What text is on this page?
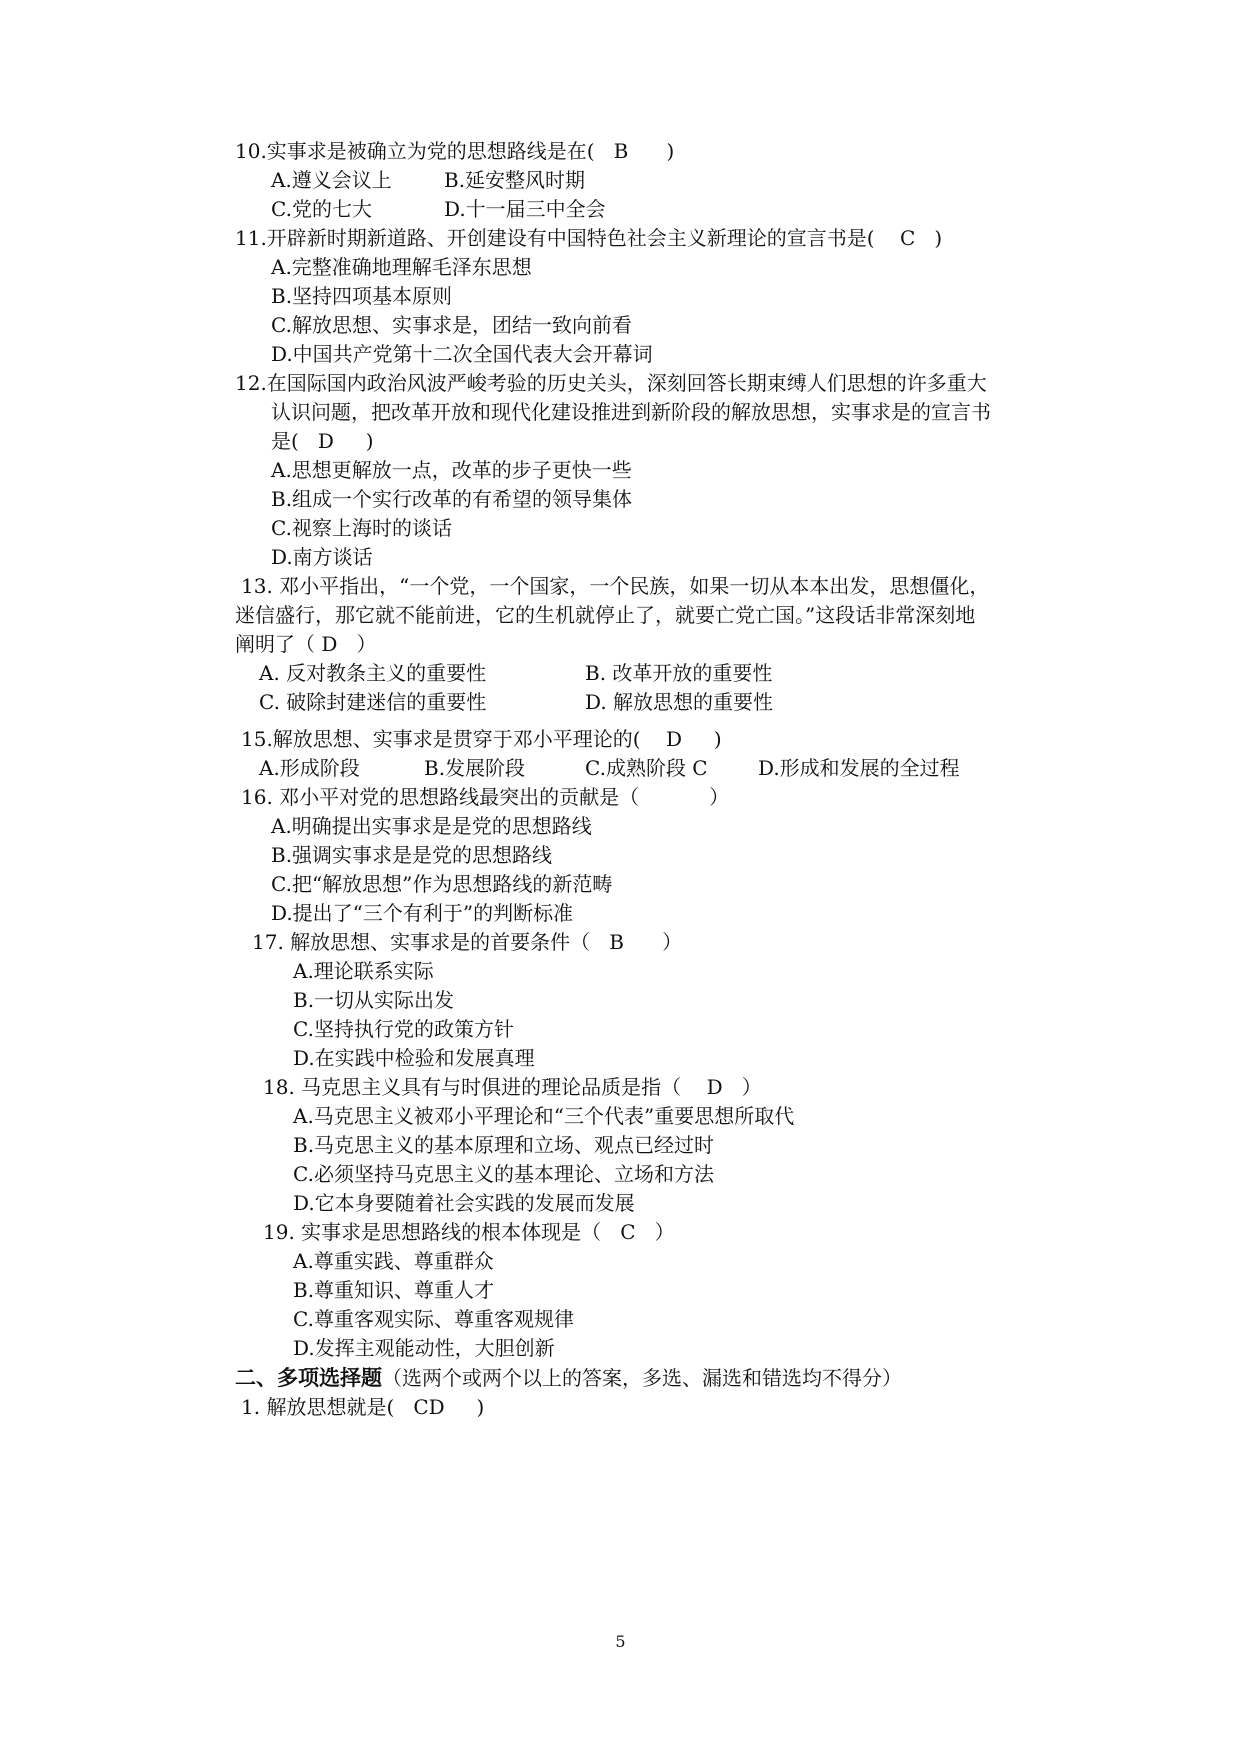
10.实事求是被确立为党的思想路线是在(   B      )
A.遵义会议上	B.延安整风时期
C.党的七大	D.十一届三中全会
11.开辟新时期新道路、开创建设有中国特色社会主义新理论的宣言书是(    C   )
A.完整准确地理解毛泽东思想
B.坚持四项基本原则
C.解放思想、实事求是，团结一致向前看
D.中国共产党第十二次全国代表大会开幕词
12.在国际国内政治风波严峻考验的历史关头，深刻回答长期束缚人们思想的许多重大
认识问题，把改革开放和现代化建设推进到新阶段的解放思想，实事求是的宣言书
是(   D     )
A.思想更解放一点，改革的步子更快一些
B.组成一个实行改革的有希望的领导集体
C.视察上海时的谈话
D.南方谈话
13. 邓小平指出，“一个党，一个国家，一个民族，如果一切从本本出发，思想僵化，
迷信盛行，那它就不能前进，它的生机就停止了，就要亡党亡国。”这段话非常深刻地
阐明了（ D   ）
A. 反对教条主义的重要性	B. 改革开放的重要性
C. 破除封建迷信的重要性	D. 解放思想的重要性
15.解放思想、实事求是贯穿于邓小平理论的(    D     )
A.形成阶段	B.发展阶段	C.成熟阶段 C	D.形成和发展的全过程
16. 邓小平对党的思想路线最突出的贡献是（           ）
A.明确提出实事求是是党的思想路线
B.强调实事求是是党的思想路线
C.把“解放思想”作为思想路线的新范畴
D.提出了“三个有利于”的判断标准
17. 解放思想、实事求是的首要条件（   B      ）
A.理论联系实际
B.一切从实际出发
C.坚持执行党的政策方针
D.在实践中检验和发展真理
18. 马克思主义具有与时俱进的理论品质是指（    D   ）
A.马克思主义被邓小平理论和“三个代表”重要思想所取代
B.马克思主义的基本原理和立场、观点已经过时
C.必须坚持马克思主义的基本理论、立场和方法
D.它本身要随着社会实践的发展而发展
19. 实事求是思想路线的根本体现是（   C   ）
A.尊重实践、尊重群众
B.尊重知识、尊重人才
C.尊重客观实际、尊重客观规律
D.发挥主观能动性，大胆创新
二、多项选择题（选两个或两个以上的答案，多选、漏选和错选均不得分）
1. 解放思想就是(   CD     )
5
